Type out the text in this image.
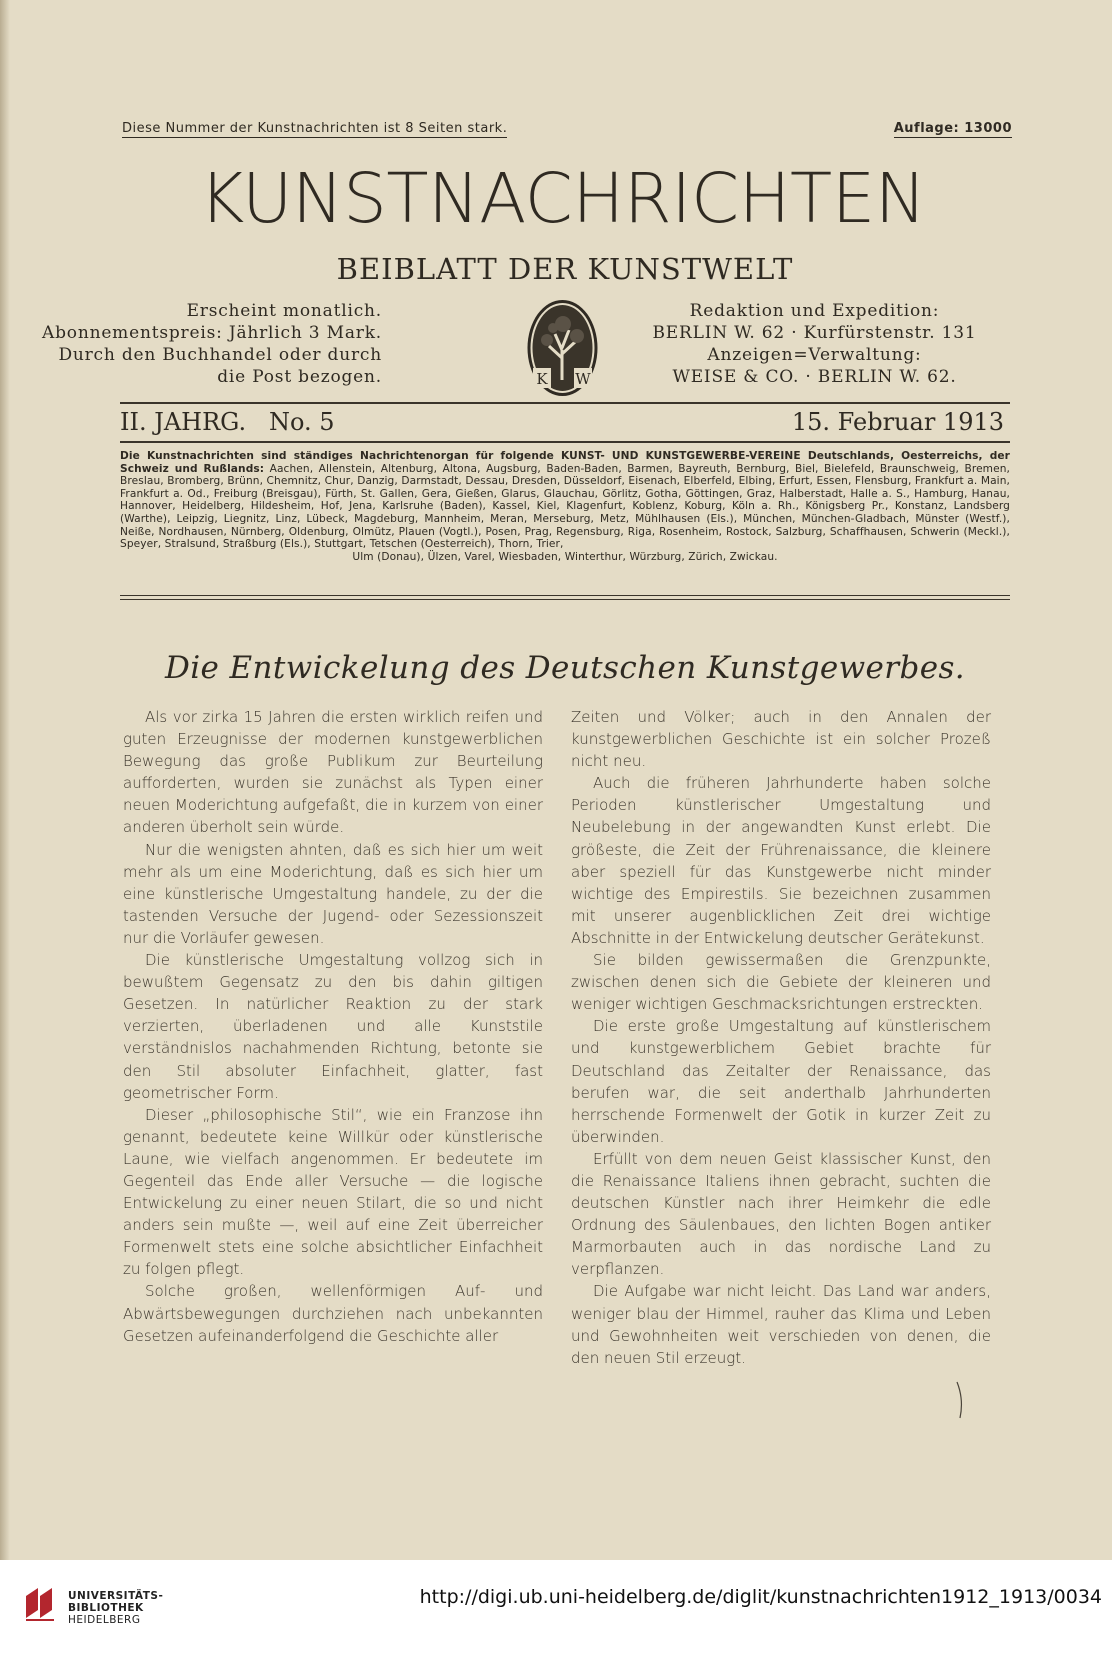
Diese Nummer der Kunstnachrichten ist 8 Seiten stark.	Auflage: 13000
KUNSTNACHRICHTEN
BEIBLATT DER KUNSTWELT
Erscheint monatlich.
Abonnementspreis: Jährlich 3 Mark.
Durch den Buchhandel oder durch
die Post bezogen.	K W
Redaktion und Expedition:
BERLIN W. 62 · Kurfürstenstr. 131
Anzeigen=Verwaltung:
WEISE & CO. · BERLIN W. 62.
II. JAHRG.   No. 5	15. Februar 1913
Die Kunstnachrichten sind ständiges Nachrichtenorgan für folgende KUNST- UND KUNSTGEWERBE-VEREINE Deutschlands, Oesterreichs, der Schweiz und Rußlands: Aachen, Allenstein, Altenburg, Altona, Augsburg, Baden-Baden, Barmen, Bayreuth, Bernburg, Biel, Bielefeld, Braunschweig, Bremen, Breslau, Bromberg, Brünn, Chemnitz, Chur, Danzig, Darmstadt, Dessau, Dresden, Düsseldorf, Eisenach, Elberfeld, Elbing, Erfurt, Essen, Flensburg, Frankfurt a. Main, Frankfurt a. Od., Freiburg (Breisgau), Fürth, St. Gallen, Gera, Gießen, Glarus, Glauchau, Görlitz, Gotha, Göttingen, Graz, Halberstadt, Halle a. S., Hamburg, Hanau, Hannover, Heidelberg, Hildesheim, Hof, Jena, Karlsruhe (Baden), Kassel, Kiel, Klagenfurt, Koblenz, Koburg, Köln a. Rh., Königsberg Pr., Konstanz, Landsberg (Warthe), Leipzig, Liegnitz, Linz, Lübeck, Magdeburg, Mannheim, Meran, Merseburg, Metz, Mühlhausen (Els.), München, München-Gladbach, Münster (Westf.), Neiße, Nordhausen, Nürnberg, Oldenburg, Olmütz, Plauen (Vogtl.), Posen, Prag, Regensburg, Riga, Rosenheim, Rostock, Salzburg, Schaffhausen, Schwerin (Meckl.), Speyer, Stralsund, Straßburg (Els.), Stuttgart, Tetschen (Oesterreich), Thorn, Trier,
Ulm (Donau), Ülzen, Varel, Wiesbaden, Winterthur, Würzburg, Zürich, Zwickau.
Die Entwickelung des Deutschen Kunstgewerbes.

Als vor zirka 15 Jahren die ersten wirklich reifen und guten Erzeugnisse der modernen kunstgewerblichen Bewegung das große Publikum zur Beurteilung aufforderten, wurden sie zunächst als Typen einer neuen Moderichtung aufgefaßt, die in kurzem von einer anderen überholt sein würde.

Nur die wenigsten ahnten, daß es sich hier um weit mehr als um eine Moderichtung, daß es sich hier um eine künstlerische Umgestaltung handele, zu der die tastenden Versuche der Jugend- oder Sezessionszeit nur die Vorläufer gewesen.

Die künstlerische Umgestaltung vollzog sich in bewußtem Gegensatz zu den bis dahin giltigen Gesetzen. In natürlicher Reaktion zu der stark verzierten, überladenen und alle Kunststile verständnislos nachahmenden Richtung, betonte sie den Stil absoluter Einfachheit, glatter, fast geometrischer Form.

Dieser „philosophische Stil“, wie ein Franzose ihn genannt, bedeutete keine Willkür oder künstlerische Laune, wie vielfach angenommen. Er bedeutete im Gegenteil das Ende aller Versuche — die logische Entwickelung zu einer neuen Stilart, die so und nicht anders sein mußte —, weil auf eine Zeit überreicher Formenwelt stets eine solche absichtlicher Einfachheit zu folgen pflegt.

Solche großen, wellenförmigen Auf- und Abwärtsbewegungen durchziehen nach unbekannten Gesetzen aufeinanderfolgend die Geschichte aller

Zeiten und Völker; auch in den Annalen der kunstgewerblichen Geschichte ist ein solcher Prozeß nicht neu.

Auch die früheren Jahrhunderte haben solche Perioden künstlerischer Umgestaltung und Neubelebung in der angewandten Kunst erlebt. Die größeste, die Zeit der Frührenaissance, die kleinere aber speziell für das Kunstgewerbe nicht minder wichtige des Empirestils. Sie bezeichnen zusammen mit unserer augenblicklichen Zeit drei wichtige Abschnitte in der Entwickelung deutscher Gerätekunst.

Sie bilden gewissermaßen die Grenzpunkte, zwischen denen sich die Gebiete der kleineren und weniger wichtigen Geschmacksrichtungen erstreckten.

Die erste große Umgestaltung auf künstlerischem und kunstgewerblichem Gebiet brachte für Deutschland das Zeitalter der Renaissance, das berufen war, die seit anderthalb Jahrhunderten herrschende Formenwelt der Gotik in kurzer Zeit zu überwinden.

Erfüllt von dem neuen Geist klassischer Kunst, den die Renaissance Italiens ihnen gebracht, suchten die deutschen Künstler nach ihrer Heimkehr die edle Ordnung des Säulenbaues, den lichten Bogen antiker Marmorbauten auch in das nordische Land zu verpflanzen.

Die Aufgabe war nicht leicht. Das Land war anders, weniger blau der Himmel, rauher das Klima und Leben und Gewohnheiten weit verschieden von denen, die den neuen Stil erzeugt.

UNIVERSITÄTS-
BIBLIOTHEK
HEIDELBERG
http://digi.ub.uni-heidelberg.de/diglit/kunstnachrichten1912_1913/0034
